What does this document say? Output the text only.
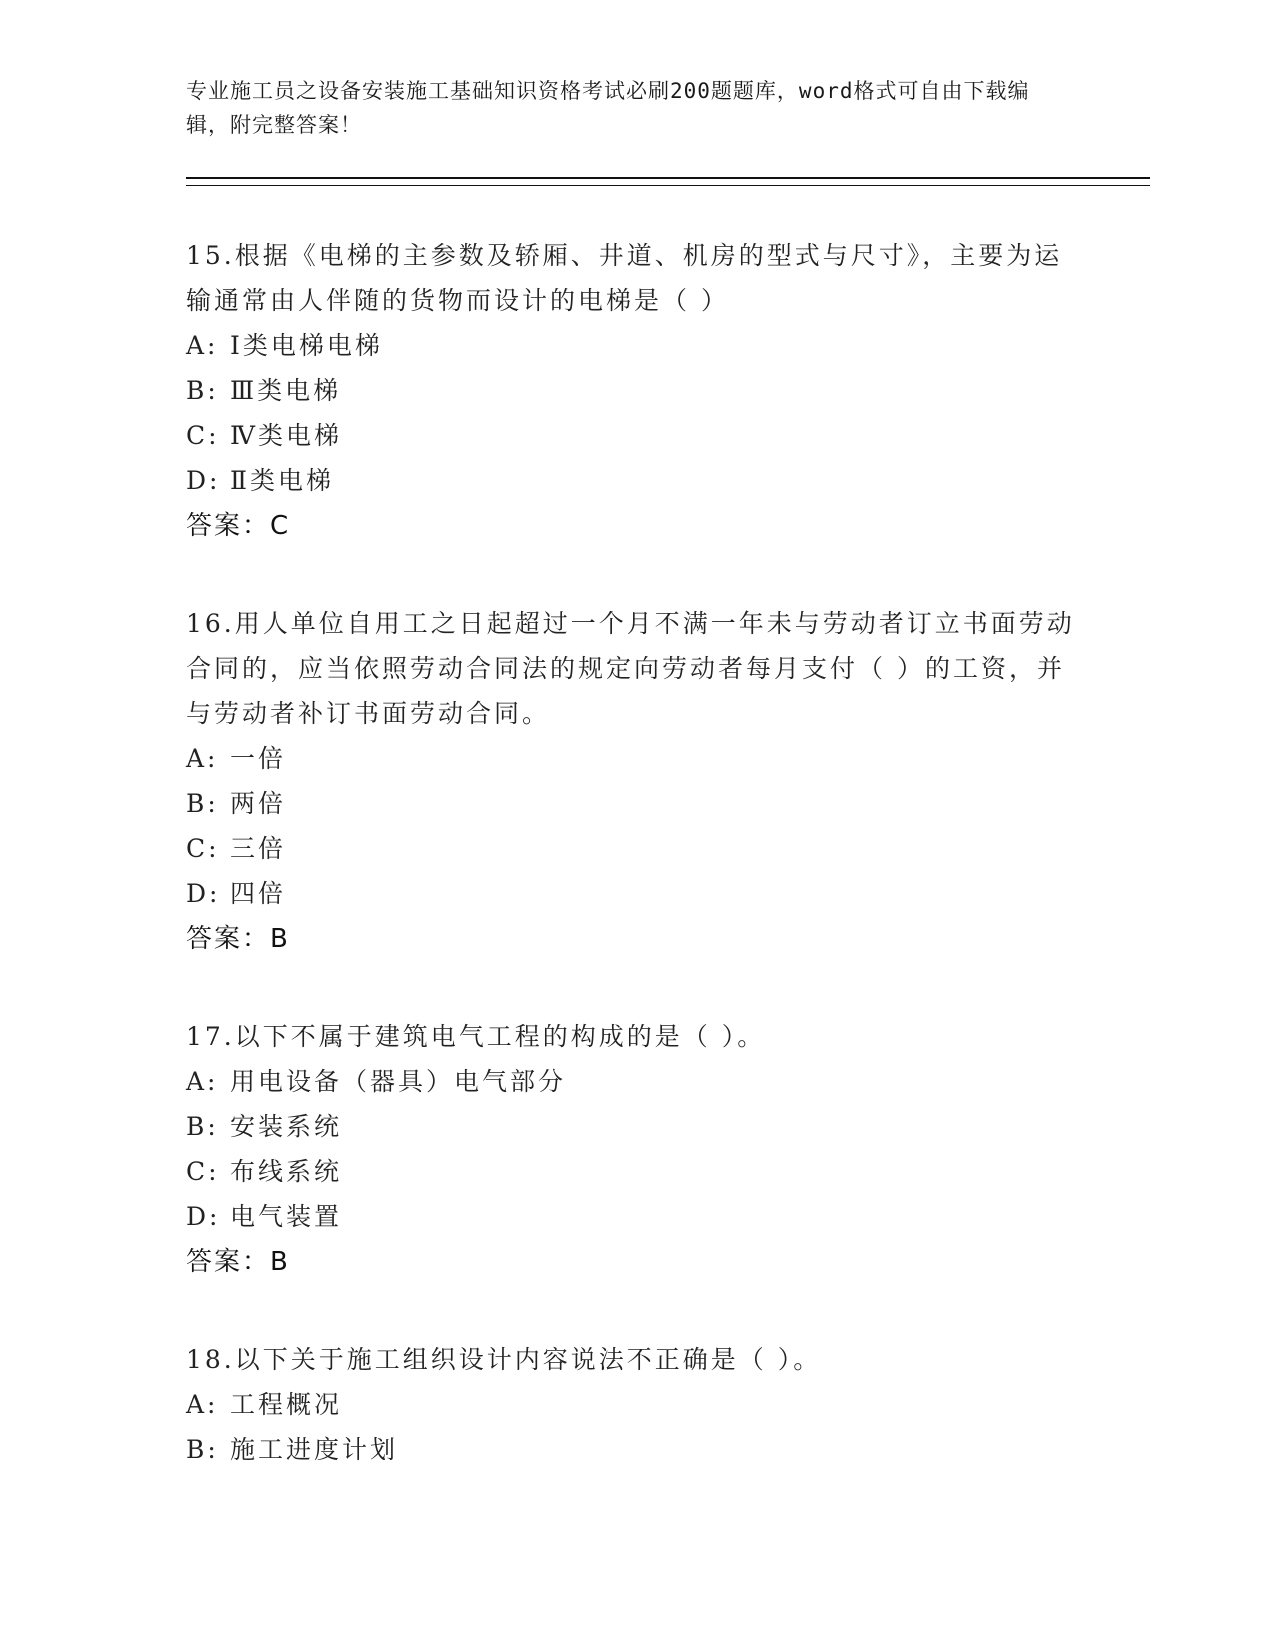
专业施工员之设备安装施工基础知识资格考试必刷200题题库，word格式可自由下载编辑，附完整答案！
15.根据《电梯的主参数及轿厢、井道、机房的型式与尺寸》，主要为运输通常由人伴随的货物而设计的电梯是（ ）
A: Ⅰ类电梯电梯
B: Ⅲ类电梯
C: Ⅳ类电梯
D: Ⅱ类电梯
答案：C
16.用人单位自用工之日起超过一个月不满一年未与劳动者订立书面劳动合同的，应当依照劳动合同法的规定向劳动者每月支付（ ）的工资，并与劳动者补订书面劳动合同。
A: 一倍
B: 两倍
C: 三倍
D: 四倍
答案：B
17.以下不属于建筑电气工程的构成的是（ ）。
A: 用电设备（器具）电气部分
B: 安装系统
C: 布线系统
D: 电气装置
答案：B
18.以下关于施工组织设计内容说法不正确是（ ）。
A: 工程概况
B: 施工进度计划
